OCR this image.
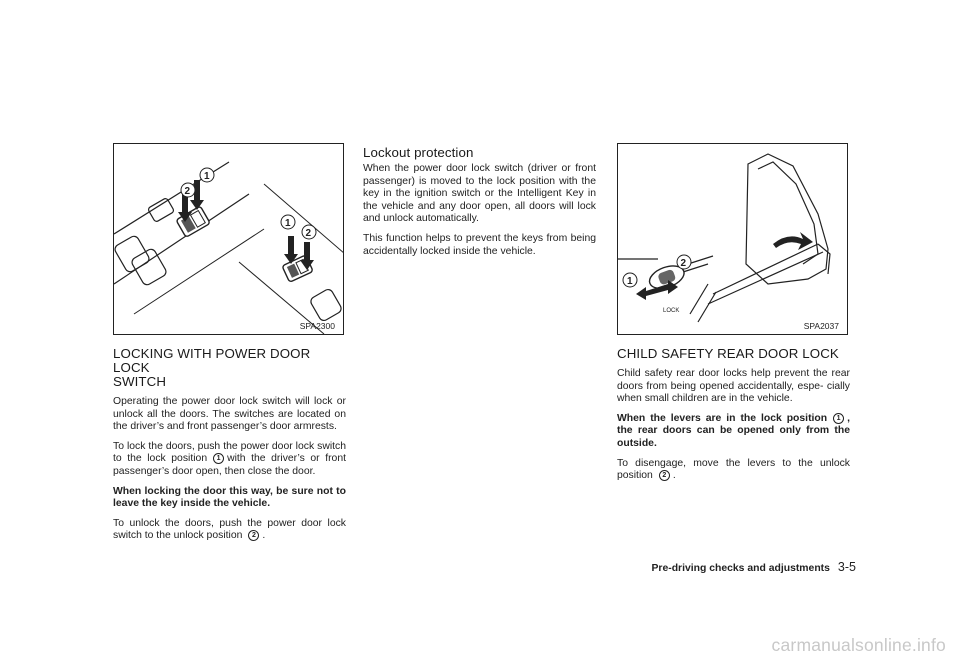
2
1
1
2
SPA2300
LOCKING WITH POWER DOOR LOCK
SWITCH

Operating the power door lock switch will lock or unlock all the doors. The switches are located on the driver’s and front passenger’s door armrests.

To lock the doors, push the power door lock switch to the lock position 1 with the driver’s or front passenger’s door open, then close the door.

When locking the door this way, be sure not to leave the key inside the vehicle.

To unlock the doors, push the power door lock switch to the unlock position 2 .

Lockout protection

When the power door lock switch (driver or front passenger) is moved to the lock position with the key in the ignition switch or the Intelligent Key in the vehicle and any door open, all doors will lock and unlock automatically.

This function helps to prevent the keys from being accidentally locked inside the vehicle.

1
2
LOCK
SPA2037
CHILD SAFETY REAR DOOR LOCK

Child safety rear door locks help prevent the rear doors from being opened accidentally, espe- cially when small children are in the vehicle.

When the levers are in the lock position 1 , the rear doors can be opened only from the outside.

To disengage, move the levers to the unlock position 2 .

Pre-driving checks and adjustments 3-5
carmanualsonline.info
